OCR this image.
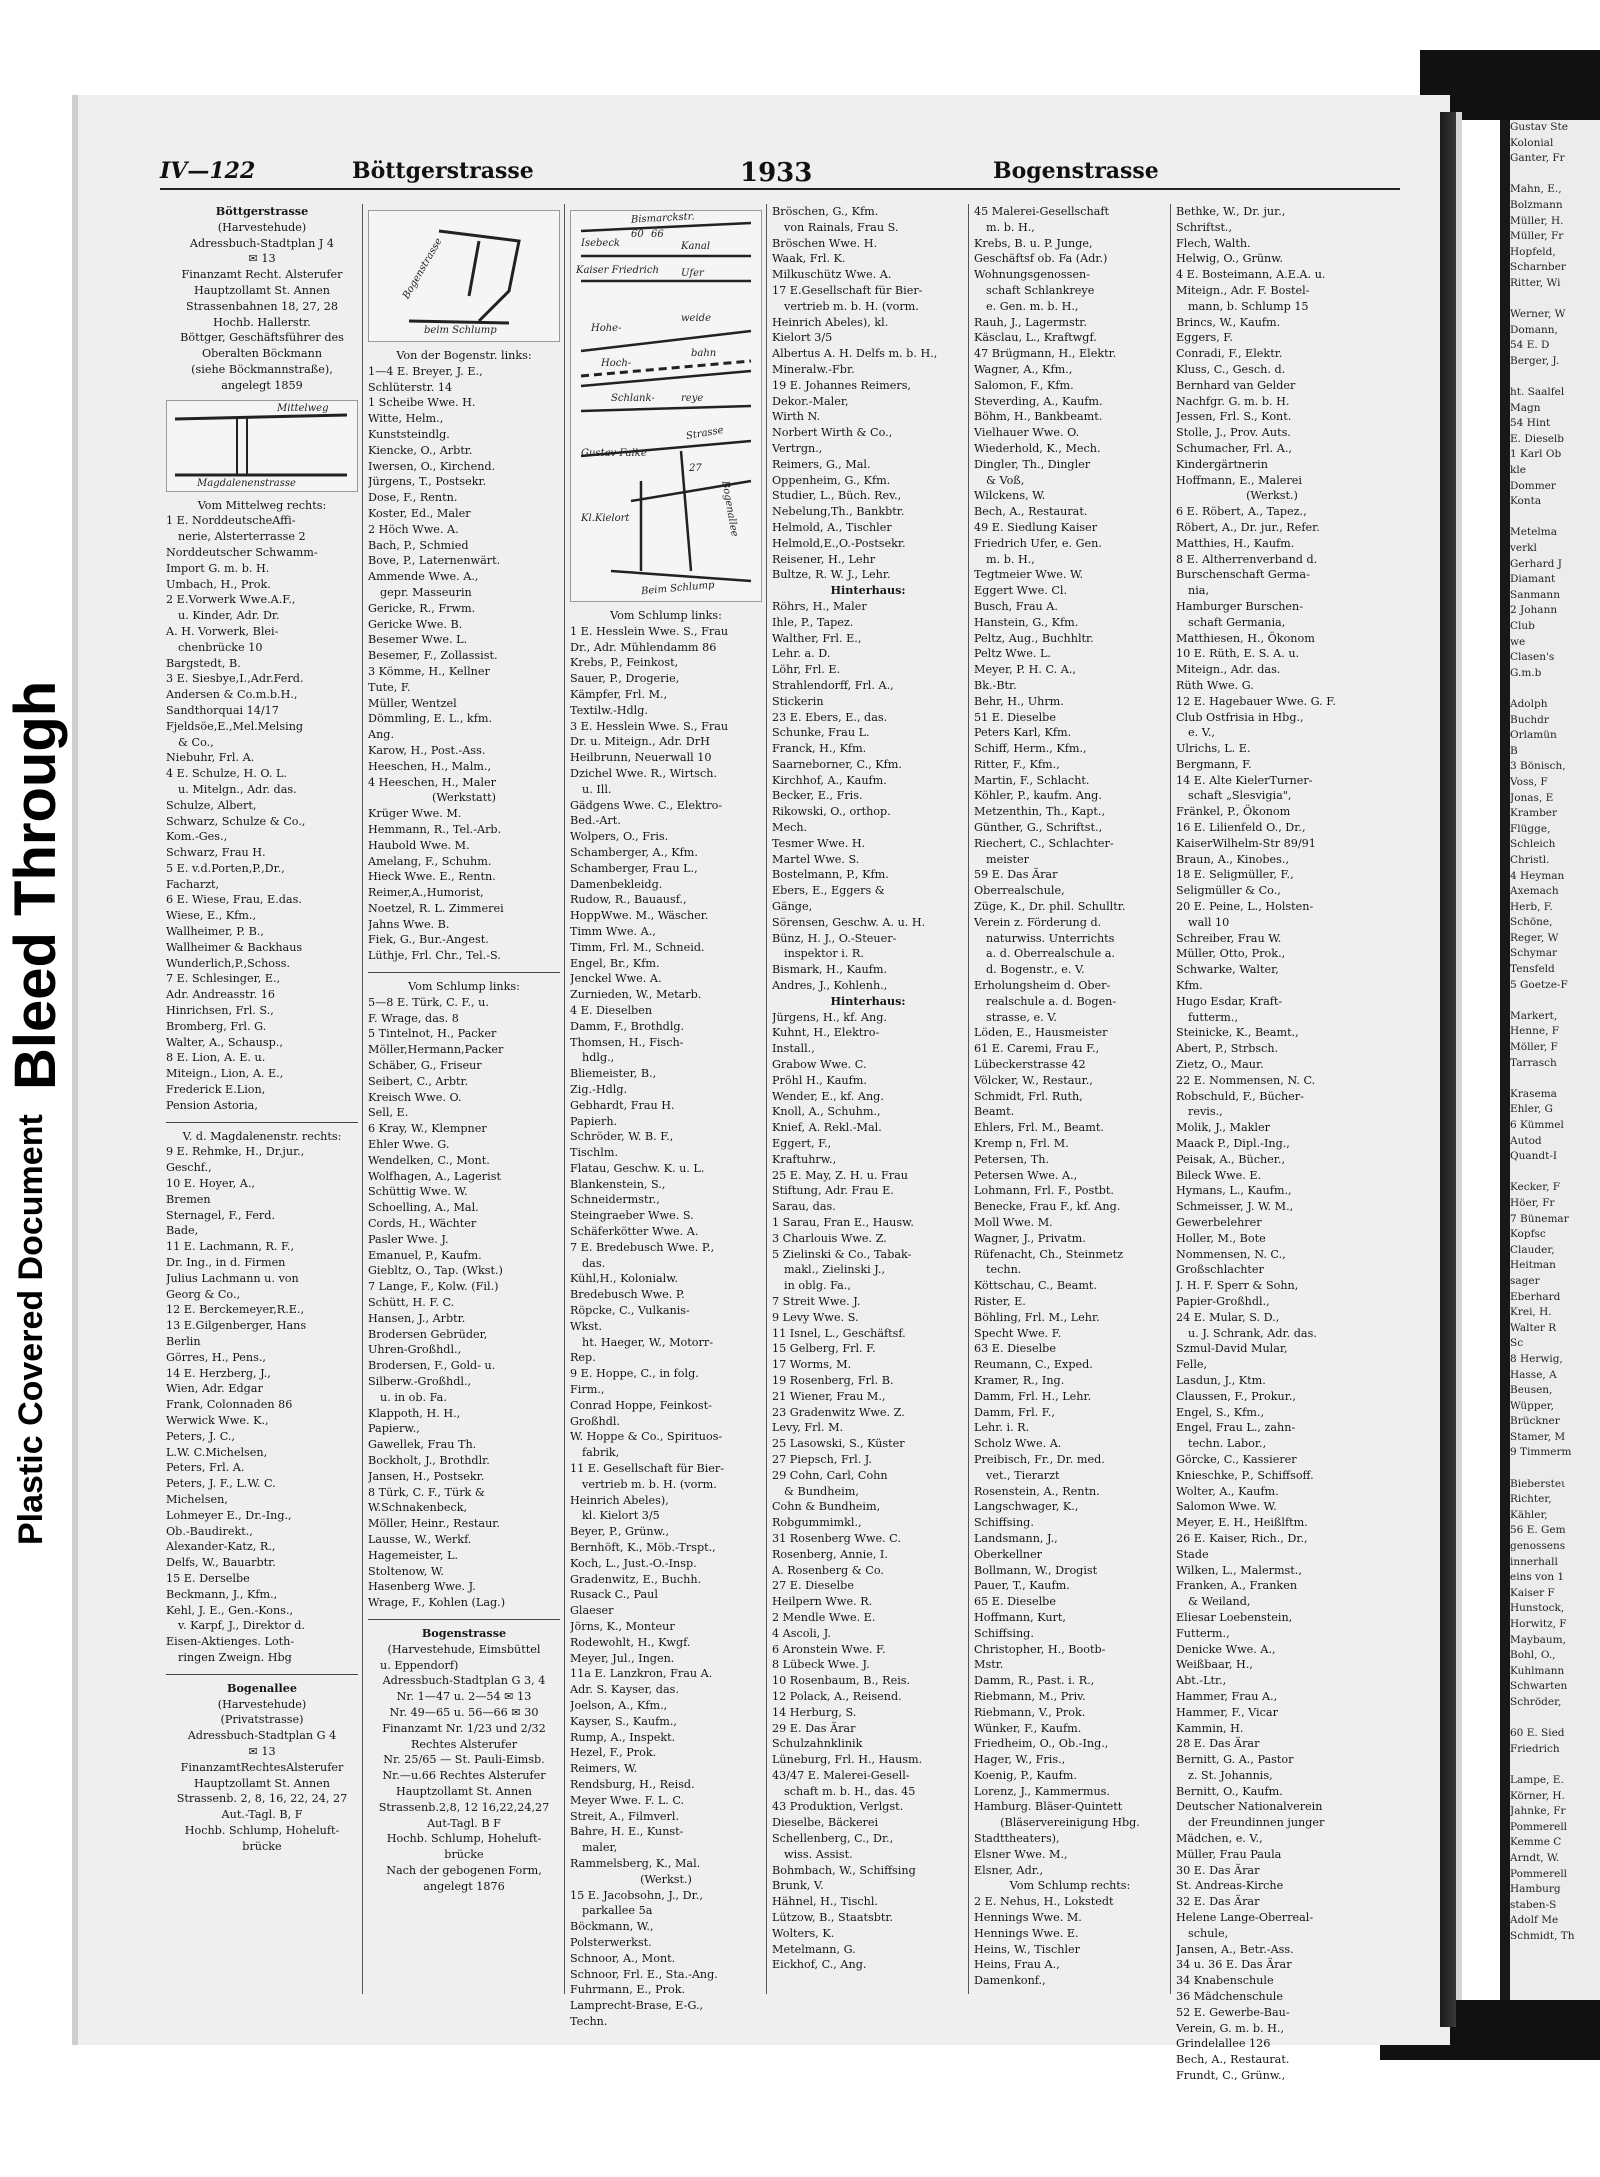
Gustav Ste
Kolonial
Ganter, Fr

Mahn, E.,
Bolzmann
Müller, H.
Müller, Fr
Hopfeld,
Scharnber
Ritter, Wi

Werner, W
Domann,
54 E. D
Berger, J.

ht. Saalfel
Magn
54 Hint
E. Dieselb
1 Karl Ob
kle
Dommer
Konta

Metelma
verkl
Gerhard J
Diamant
Sanmann
2 Johann
Club
we
Clasen's
G.m.b

Adolph
Buchdr
Orlamün
B
3 Bönisch,
Voss, F
Jonas, E
Kramber
Flügge,
Schleich
Christl.
4 Heyman
Axemach
Herb, F.
Schöne,
Reger, W
Schymar
Tensfeld
5 Goetze-F

Markert,
Henne, F
Möller, F
Tarrasch

Krasema
Ehler, G
6 Kümmel
Autod
Quandt-I

Kecker, F
Höer, Fr
7 Bünemar
Kopfsc
Clauder,
Heitman
sager
Eberhard
Krei, H.
Walter R
Sc
8 Herwig,
Hasse, A
Beusen,
Wüpper,
Brückner
Stamer, M
9 Timmerm

Biebersteι
Richter,
Kähler,
56 E. Gem
genossens
innerhall
eins von 1
Kaiser F
Hunstock,
Horwitz, F
Maybaum,
Bohl, O.,
Kuhlmann
Schwarten
Schröder,

60 E. Sied
Friedrich

Lampe, E.
Körner, H.
Jahnke, Fr
Pommerell
Kemme C
Arndt, W.
Pommerell
Hamburg
staben-S
Adolf Me
Schmidt, Th
Bleed Through
Plastic Covered Document
IV—122	Böttgerstrasse	1933	Bogenstrasse
Böttgerstrasse
(Harvestehude)
Adressbuch-Stadtplan J 4
✉ 13
Finanzamt Recht. Alsterufer
Hauptzollamt St. Annen
Strassenbahnen 18, 27, 28
Hochb. Hallerstr.
Böttger, Geschäftsführer des
Oberalten Böckmann
(siehe Böckmannstraße),
angelegt 1859
Mittelweg
Magdalenenstrasse
Vom Mittelweg rechts:
1 E. NorddeutscheAffi-
nerie, Alsterterrasse 2
Norddeutscher Schwamm-
Import G. m. b. H.
Umbach, H., Prok.
2 E.Vorwerk Wwe.A.F.,
u. Kinder, Adr. Dr.
A. H. Vorwerk, Blei-
chenbrücke 10
Bargstedt, B.
3 E. Siesbye,I.,Adr.Ferd.
Andersen & Co.m.b.H.,
Sandthorquai 14/17
Fjeldsöe,E.,Mel.Melsing
& Co.,
Niebuhr, Frl. A.
4 E. Schulze, H. O. L.
u. Mitelgn., Adr. das.
Schulze, Albert,
Schwarz, Schulze & Co.,
Kom.-Ges.,
Schwarz, Frau H.
5 E. v.d.Porten,P.,Dr.,
Facharzt,
6 E. Wiese, Frau, E.das.
Wiese, E., Kfm.,
Wallheimer, P. B.,
Wallheimer & Backhaus
Wunderlich,P.,Schoss.
7 E. Schlesinger, E.,
Adr. Andreasstr. 16
Hinrichsen, Frl. S.,
Bromberg, Frl. G.
Walter, A., Schausp.,
8 E. Lion, A. E. u.
Miteign., Lion, A. E.,
Frederick E.Lion,
Pension Astoria,
V. d. Magdalenenstr. rechts:
9 E. Rehmke, H., Dr.jur.,
Geschf.,
10 E. Hoyer, A.,
Bremen
Sternagel, F., Ferd.
Bade,
11 E. Lachmann, R. F.,
Dr. Ing., in d. Firmen
Julius Lachmann u. von
Georg & Co.,
12 E. Berckemeyer,R.E.,
13 E.Gilgenberger, Hans
Berlin
Görres, H., Pens.,
14 E. Herzberg, J.,
Wien, Adr. Edgar
Frank, Colonnaden 86
Werwick Wwe. K.,
Peters, J. C.,
L.W. C.Michelsen,
Peters, Frl. A.
Peters, J. F., L.W. C.
Michelsen,
Lohmeyer E., Dr.-Ing.,
Ob.-Baudirekt.,
Alexander-Katz, R.,
Delfs, W., Bauarbtr.
15 E. Derselbe
Beckmann, J., Kfm.,
Kehl, J. E., Gen.-Kons.,
v. Karpf, J., Direktor d.
Eisen-Aktienges. Loth-
ringen Zweign. Hbg
Bogenallee
(Harvestehude)
(Privatstrasse)
Adressbuch-Stadtplan G 4
✉ 13
FinanzamtRechtesAlsterufer
Hauptzollamt St. Annen
Strassenb. 2, 8, 16, 22, 24, 27
Aut.-Tagl. B, F
Hochb. Schlump, Hoheluft-
brücke
beim Schlump
Bogenstrasse
Von der Bogenstr. links:
1—4 E. Breyer, J. E.,
Schlüterstr. 14
1 Scheibe Wwe. H.
Witte, Helm.,
Kunststeindlg.
Kiencke, O., Arbtr.
Iwersen, O., Kirchend.
Jürgens, T., Postsekr.
Dose, F., Rentn.
Koster, Ed., Maler
2 Höch Wwe. A.
Bach, P., Schmied
Bove, P., Laternenwärt.
Ammende Wwe. A.,
gepr. Masseurin
Gericke, R., Frwm.
Gericke Wwe. B.
Besemer Wwe. L.
Besemer, F., Zollassist.
3 Kömme, H., Kellner
Tute, F.
Müller, Wentzel
Dömmling, E. L., kfm.
Ang.
Karow, H., Post.-Ass.
Heeschen, H., Malm.,
4 Heeschen, H., Maler
(Werkstatt)
Krüger Wwe. M.
Hemmann, R., Tel.-Arb.
Haubold Wwe. M.
Amelang, F., Schuhm.
Hieck Wwe. E., Rentn.
Reimer,A.,Humorist,
Noetzel, R. L. Zimmerei
Jahns Wwe. B.
Fiek, G., Bur.-Angest.
Lüthje, Frl. Chr., Tel.-S.
Vom Schlump links:
5—8 E. Türk, C. F., u.
F. Wrage, das. 8
5 Tintelnot, H., Packer
Möller,Hermann,Packer
Schäber, G., Friseur
Seibert, C., Arbtr.
Kreisch Wwe. O.
Sell, E.
6 Kray, W., Klempner
Ehler Wwe. G.
Wendelken, C., Mont.
Wolfhagen, A., Lagerist
Schüttig Wwe. W.
Schoelling, A., Mal.
Cords, H., Wächter
Pasler Wwe. J.
Emanuel, P., Kaufm.
Giebltz, O., Tap. (Wkst.)
7 Lange, F., Kolw. (Fil.)
Schütt, H. F. C.
Hansen, J., Arbtr.
Brodersen Gebrüder,
Uhren-Großhdl.,
Brodersen, F., Gold- u.
Silberw.-Großhdl.,
u. in ob. Fa.
Klappoth, H. H.,
Papierw.,
Gawellek, Frau Th.
Bockholt, J., Brothdlr.
Jansen, H., Postsekr.
8 Türk, C. F., Türk &
W.Schnakenbeck,
Möller, Heinr., Restaur.
Lausse, W., Werkf.
Hagemeister, L.
Stoltenow, W.
Hasenberg Wwe. J.
Wrage, F., Kohlen (Lag.)
Bogenstrasse
(Harvestehude, Eimsbüttel
u. Eppendorf)
Adressbuch-Stadtplan G 3, 4
Nr. 1—47 u. 2—54 ✉ 13
Nr. 49—65 u. 56—66 ✉ 30
Finanzamt Nr. 1/23 und 2/32
Rechtes Alsterufer
Nr. 25/65 — St. Pauli-Eimsb.
Nr.—u.66 Rechtes Alsterufer
Hauptzollamt St. Annen
Strassenb.2,8, 12 16,22,24,27
Aut-Tagl. B F
Hochb. Schlump, Hoheluft-
brücke
Nach der gebogenen Form,
angelegt 1876
Bismarckstr.
Isebeck	Kanal
Kaiser Friedrich Ufer
Hohe-
weide
Hoch-
bahn
Schlank-	reye
Strasse
Gustav Falke
Bogenallee
Kl.Kielort
Beim Schlump
60 66
27
Vom Schlump links:
1 E. Hesslein Wwe. S., Frau
Dr., Adr. Mühlendamm 86
Krebs, P., Feinkost,
Sauer, P., Drogerie,
Kämpfer, Frl. M.,
Textilw.-Hdlg.
3 E. Hesslein Wwe. S., Frau
Dr. u. Miteign., Adr. DrH
Heilbrunn, Neuerwall 10
Dzichel Wwe. R., Wirtsch.
u. Ill.
Gädgens Wwe. C., Elektro-
Bed.-Art.
Wolpers, O., Fris.
Schamberger, A., Kfm.
Schamberger, Frau L.,
Damenbekleidg.
Rudow, R., Bauausf.,
HoppWwe. M., Wäscher.
Timm Wwe. A.,
Timm, Frl. M., Schneid.
Engel, Br., Kfm.
Jenckel Wwe. A.
Zurnieden, W., Metarb.
4 E. Dieselben
Damm, F., Brothdlg.
Thomsen, H., Fisch-
hdlg.,
Bliemeister, B.,
Zig.-Hdlg.
Gebhardt, Frau H.
Papierh.
Schröder, W. B. F.,
Tischlm.
Flatau, Geschw. K. u. L.
Blankenstein, S.,
Schneidermstr.,
Steingraeber Wwe. S.
Schäferkötter Wwe. A.
7 E. Bredebusch Wwe. P.,
das.
Kühl,H., Kolonialw.
Bredebusch Wwe. P.
Röpcke, C., Vulkanis-
Wkst.
ht. Haeger, W., Motorr-
Rep.
9 E. Hoppe, C., in folg.
Firm.,
Conrad Hoppe, Feinkost-
Großhdl.
W. Hoppe & Co., Spirituos-
fabrik,
11 E. Gesellschaft für Bier-
vertrieb m. b. H. (vorm.
Heinrich Abeles),
kl. Kielort 3/5
Beyer, P., Grünw.,
Bernhöft, K., Möb.-Trspt.,
Koch, L., Just.-O.-Insp.
Gradenwitz, E., Buchh.
Rusack C., Paul
Glaeser
Jörns, K., Monteur
Rodewohlt, H., Kwgf.
Meyer, Jul., Ingen.
11a E. Lanzkron, Frau A.
Adr. S. Kayser, das.
Joelson, A., Kfm.,
Kayser, S., Kaufm.,
Rump, A., Inspekt.
Hezel, F., Prok.
Reimers, W.
Rendsburg, H., Reisd.
Meyer Wwe. F. L. C.
Streit, A., Filmverl.
Bahre, H. E., Kunst-
maler,
Rammelsberg, K., Mal.
(Werkst.)
15 E. Jacobsohn, J., Dr.,
parkallee 5a
Böckmann, W.,
Polsterwerkst.
Schnoor, A., Mont.
Schnoor, Frl. E., Sta.-Ang.
Fuhrmann, E., Prok.
Lamprecht-Brase, E-G.,
Techn.
Bröschen, G., Kfm.
von Rainals, Frau S.
Bröschen Wwe. H.
Waak, Frl. K.
Milkuschütz Wwe. A.
17 E.Gesellschaft für Bier-
vertrieb m. b. H. (vorm.
Heinrich Abeles), kl.
Kielort 3/5
Albertus A. H. Delfs m. b. H.,
Mineralw.-Fbr.
19 E. Johannes Reimers,
Dekor.-Maler,
Wirth N.
Norbert Wirth & Co.,
Vertrgn.,
Reimers, G., Mal.
Oppenheim, G., Kfm.
Studier, L., Büch. Rev.,
Nebelung,Th., Bankbtr.
Helmold, A., Tischler
Helmold,E.,O.-Postsekr.
Reisener, H., Lehr
Bultze, R. W. J., Lehr.
Hinterhaus:
Röhrs, H., Maler
Ihle, P., Tapez.
Walther, Frl. E.,
Lehr. a. D.
Löhr, Frl. E.
Strahlendorff, Frl. A.,
Stickerin
23 E. Ebers, E., das.
Schunke, Frau L.
Franck, H., Kfm.
Saarneborner, C., Kfm.
Kirchhof, A., Kaufm.
Becker, E., Fris.
Rikowski, O., orthop.
Mech.
Tesmer Wwe. H.
Martel Wwe. S.
Bostelmann, P., Kfm.
Ebers, E., Eggers &
Gänge,
Sörensen, Geschw. A. u. H.
Bünz, H. J., O.-Steuer-
inspektor i. R.
Bismark, H., Kaufm.
Andres, J., Kohlenh.,
Hinterhaus:
Jürgens, H., kf. Ang.
Kuhnt, H., Elektro-
Install.,
Grabow Wwe. C.
Pröhl H., Kaufm.
Wender, E., kf. Ang.
Knoll, A., Schuhm.,
Knief, A. Rekl.-Mal.
Eggert, F.,
Kraftuhrw.,
25 E. May, Z. H. u. Frau
Stiftung, Adr. Frau E.
Sarau, das.
1 Sarau, Fran E., Hausw.
3 Charlouis Wwe. Z.
5 Zielinski & Co., Tabak-
makl., Zielinski J.,
in oblg. Fa.,
7 Streit Wwe. J.
9 Levy Wwe. S.
11 Isnel, L., Geschäftsf.
15 Gelberg, Frl. F.
17 Worms, M.
19 Rosenberg, Frl. B.
21 Wiener, Frau M.,
23 Gradenwitz Wwe. Z.
Levy, Frl. M.
25 Lasowski, S., Küster
27 Piepsch, Frl. J.
29 Cohn, Carl, Cohn
& Bundheim,
Cohn & Bundheim,
Robgummimkl.,
31 Rosenberg Wwe. C.
Rosenberg, Annie, I.
A. Rosenberg & Co.
27 E. Dieselbe
Heilpern Wwe. R.
2 Mendle Wwe. E.
4 Ascoli, J.
6 Aronstein Wwe. F.
8 Lübeck Wwe. J.
10 Rosenbaum, B., Reis.
12 Polack, A., Reisend.
14 Herburg, S.
29 E. Das Ärar
Schulzahnklinik
Lüneburg, Frl. H., Hausm.
43/47 E. Malerei-Gesell-
schaft m. b. H., das. 45
43 Produktion, Verlgst.
Dieselbe, Bäckerei
Schellenberg, C., Dr.,
wiss. Assist.
Bohmbach, W., Schiffsing
Brunk, V.
Hähnel, H., Tischl.
Lützow, B., Staatsbtr.
Wolters, K.
Metelmann, G.
Eickhof, C., Ang.
45 Malerei-Gesellschaft
m. b. H.,
Krebs, B. u. P. Junge,
Geschäftsf ob. Fa (Adr.)
Wohnungsgenossen-
schaft Schlankreye
e. Gen. m. b. H.,
Rauh, J., Lagermstr.
Käsclau, L., Kraftwgf.
47 Brügmann, H., Elektr.
Wagner, A., Kfm.,
Salomon, F., Kfm.
Steverding, A., Kaufm.
Böhm, H., Bankbeamt.
Vielhauer Wwe. O.
Wiederhold, K., Mech.
Dingler, Th., Dingler
& Voß,
Wilckens, W.
Bech, A., Restaurat.
49 E. Siedlung Kaiser
Friedrich Ufer, e. Gen.
m. b. H.,
Tegtmeier Wwe. W.
Eggert Wwe. Cl.
Busch, Frau A.
Hanstein, G., Kfm.
Peltz, Aug., Buchhltr.
Peltz Wwe. L.
Meyer, P. H. C. A.,
Bk.-Btr.
Behr, H., Uhrm.
51 E. Dieselbe
Peters Karl, Kfm.
Schiff, Herm., Kfm.,
Ritter, F., Kfm.,
Martin, F., Schlacht.
Köhler, P., kaufm. Ang.
Metzenthin, Th., Kapt.,
Günther, G., Schriftst.,
Riechert, C., Schlachter-
meister
59 E. Das Ärar
Oberrealschule,
Züge, K., Dr. phil. Schulltr.
Verein z. Förderung d.
naturwiss. Unterrichts
a. d. Oberrealschule a.
d. Bogenstr., e. V.
Erholungsheim d. Ober-
realschule a. d. Bogen-
strasse, e. V.
Löden, E., Hausmeister
61 E. Caremi, Frau F.,
Lübeckerstrasse 42
Völcker, W., Restaur.,
Schmidt, Frl. Ruth,
Beamt.
Ehlers, Frl. M., Beamt.
Kremp n, Frl. M.
Petersen, Th.
Petersen Wwe. A.,
Lohmann, Frl. F., Postbt.
Benecke, Frau F., kf. Ang.
Moll Wwe. M.
Wagner, J., Privatm.
Rüfenacht, Ch., Steinmetz
techn.
Köttschau, C., Beamt.
Rister, E.
Böhling, Frl. M., Lehr.
Specht Wwe. F.
63 E. Dieselbe
Reumann, C., Exped.
Kramer, R., Ing.
Damm, Frl. H., Lehr.
Damm, Frl. F.,
Lehr. i. R.
Scholz Wwe. A.
Preibisch, Fr., Dr. med.
vet., Tierarzt
Rosenstein, A., Rentn.
Langschwager, K.,
Schiffsing.
Landsmann, J.,
Oberkellner
Bollmann, W., Drogist
Pauer, T., Kaufm.
65 E. Dieselbe
Hoffmann, Kurt,
Schiffsing.
Christopher, H., Bootb-
Mstr.
Damm, R., Past. i. R.,
Riebmann, M., Priv.
Riebmann, V., Prok.
Wünker, F., Kaufm.
Friedheim, O., Ob.-Ing.,
Hager, W., Fris.,
Koenig, P., Kaufm.
Lorenz, J., Kammermus.
Hamburg. Bläser-Quintett
(Bläservereinigung Hbg.
Stadttheaters),
Elsner Wwe. M.,
Elsner, Adr.,
Vom Schlump rechts:
2 E. Nehus, H., Lokstedt
Hennings Wwe. M.
Hennings Wwe. E.
Heins, W., Tischler
Heins, Frau A.,
Damenkonf.,
Bethke, W., Dr. jur.,
Schriftst.,
Flech, Walth.
Helwig, O., Grünw.
4 E. Bosteimann, A.E.A. u.
Miteign., Adr. F. Bostel-
mann, b. Schlump 15
Brincs, W., Kaufm.
Eggers, F.
Conradi, F., Elektr.
Kluss, C., Gesch. d.
Bernhard van Gelder
Nachfgr. G. m. b. H.
Jessen, Frl. S., Kont.
Stolle, J., Prov. Auts.
Schumacher, Frl. A.,
Kindergärtnerin
Hoffmann, E., Malerei
(Werkst.)
6 E. Röbert, A., Tapez.,
Röbert, A., Dr. jur., Refer.
Matthies, H., Kaufm.
8 E. Altherrenverband d.
Burschenschaft Germa-
nia,
Hamburger Burschen-
schaft Germania,
Matthiesen, H., Ökonom
10 E. Rüth, E. S. A. u.
Miteign., Adr. das.
Rüth Wwe. G.
12 E. Hagebauer Wwe. G. F.
Club Ostfrisia in Hbg.,
e. V.,
Ulrichs, L. E.
Bergmann, F.
14 E. Alte KielerTurner-
schaft „Slesvigia",
Fränkel, P., Ökonom
16 E. Lilienfeld O., Dr.,
KaiserWilhelm-Str 89/91
Braun, A., Kinobes.,
18 E. Seligmüller, F.,
Seligmüller & Co.,
20 E. Peine, L., Holsten-
wall 10
Schreiber, Frau W.
Müller, Otto, Prok.,
Schwarke, Walter,
Kfm.
Hugo Esdar, Kraft-
futterm.,
Steinicke, K., Beamt.,
Abert, P., Strbsch.
Zietz, O., Maur.
22 E. Nommensen, N. C.
Robschuld, F., Bücher-
revis.,
Molik, J., Makler
Maack P., Dipl.-Ing.,
Peisak, A., Bücher.,
Bileck Wwe. E.
Hymans, L., Kaufm.,
Schmeisser, J. W. M.,
Gewerbelehrer
Holler, M., Bote
Nommensen, N. C.,
Großschlachter
J. H. F. Sperr & Sohn,
Papier-Großhdl.,
24 E. Mular, S. D.,
u. J. Schrank, Adr. das.
Szmul-David Mular,
Felle,
Lasdun, J., Ktm.
Claussen, F., Prokur.,
Engel, S., Kfm.,
Engel, Frau L., zahn-
techn. Labor.,
Görcke, C., Kassierer
Knieschke, P., Schiffsoff.
Wolter, A., Kaufm.
Salomon Wwe. W.
Meyer, E. H., Heißlftm.
26 E. Kaiser, Rich., Dr.,
Stade
Wilken, L., Malermst.,
Franken, A., Franken
& Weiland,
Eliesar Loebenstein,
Futterm.,
Denicke Wwe. A.,
Weißbaar, H.,
Abt.-Ltr.,
Hammer, Frau A.,
Hammer, F., Vicar
Kammin, H.
28 E. Das Ärar
Bernitt, G. A., Pastor
z. St. Johannis,
Bernitt, O., Kaufm.
Deutscher Nationalverein
der Freundinnen junger
Mädchen, e. V.,
Müller, Frau Paula
30 E. Das Ärar
St. Andreas-Kirche
32 E. Das Ärar
Helene Lange-Oberreal-
schule,
Jansen, A., Betr.-Ass.
34 u. 36 E. Das Ärar
34 Knabenschule
36 Mädchenschule
52 E. Gewerbe-Bau-
Verein, G. m. b. H.,
Grindelallee 126
Bech, A., Restaurat.
Frundt, C., Grünw.,
